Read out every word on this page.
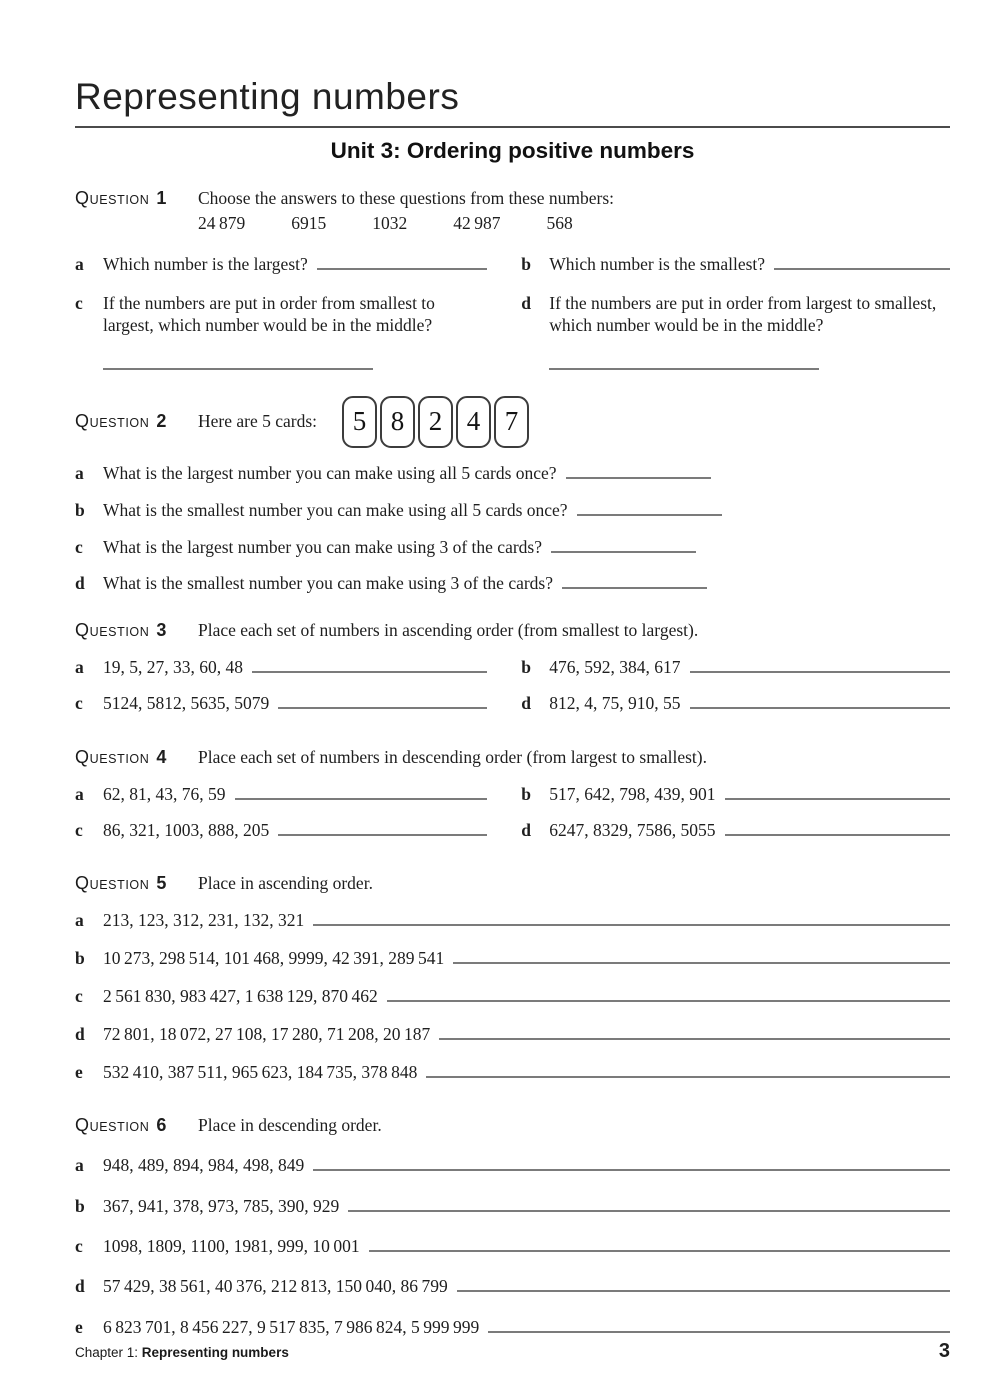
Representing numbers
Unit 3: Ordering positive numbers
QUESTION 1	Choose the answers to these questions from these numbers:
24 879	6915	1032	42 987	568
a	Which number is the largest?	b	Which number is the smallest?
c	If the numbers are put in order from smallest to largest, which number would be in the middle?
d	If the numbers are put in order from largest to smallest, which number would be in the middle?
QUESTION 2	Here are 5 cards:	5 8 2 4 7
a	What is the largest number you can make using all 5 cards once?
b	What is the smallest number you can make using all 5 cards once?
c	What is the largest number you can make using 3 of the cards?
d	What is the smallest number you can make using 3 of the cards?
QUESTION 3	Place each set of numbers in ascending order (from smallest to largest).
a	19, 5, 27, 33, 60, 48	b	476, 592, 384, 617
c	5124, 5812, 5635, 5079	d	812, 4, 75, 910, 55
QUESTION 4	Place each set of numbers in descending order (from largest to smallest).
a	62, 81, 43, 76, 59	b	517, 642, 798, 439, 901
c	86, 321, 1003, 888, 205	d	6247, 8329, 7586, 5055
QUESTION 5	Place in ascending order.
a	213, 123, 312, 231, 132, 321
b	10 273, 298 514, 101 468, 9999, 42 391, 289 541
c	2 561 830, 983 427, 1 638 129, 870 462
d	72 801, 18 072, 27 108, 17 280, 71 208, 20 187
e	532 410, 387 511, 965 623, 184 735, 378 848
QUESTION 6	Place in descending order.
a	948, 489, 894, 984, 498, 849
b	367, 941, 378, 973, 785, 390, 929
c	1098, 1809, 1100, 1981, 999, 10 001
d	57 429, 38 561, 40 376, 212 813, 150 040, 86 799
e	6 823 701, 8 456 227, 9 517 835, 7 986 824, 5 999 999
Chapter 1: Representing numbers	3
